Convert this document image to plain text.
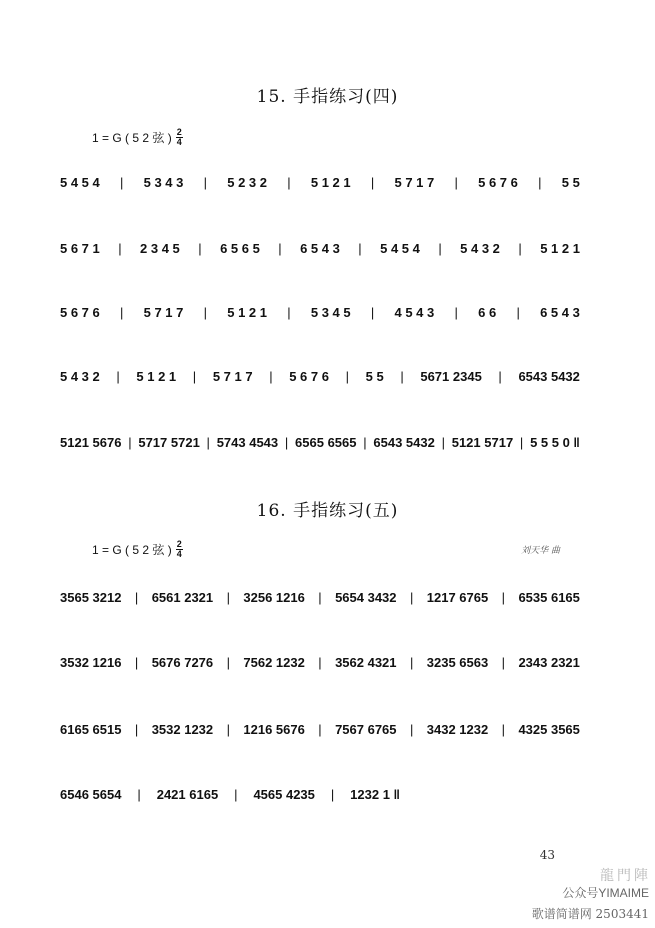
15. 手指练习(四)
1 = G ( 5 2 弦 ) $\frac{2}{4}$
5 4 5 4 | 5 3 4 3 | 5 2 3 2 | 5 1 2 1 | 5 7 1 7 | 5 6 7 6 | 5 5
5 6 7 1 | 2 3 4 5 | 6 5 6 5 | 6 5 4 3 | 5 4 5 4 | 5 4 3 2 | 5 1 2 1
5 6 7 6 | 5 7 1 7 | 5 1 2 1 | 5 3 4 5 | 4 5 4 3 | 6 6 | 6 5 4 3
5 4 3 2 | 5 1 2 1 | 5 7 1 7 | 5 6 7 6 | 5 5 | 5671 2345 | 6543 5432
5121 5676 | 5717 5721 | 5743 4543 | 6565 6565 | 6543 5432 | 5121 5717 | 5 5 5 0 ‖
16. 手指练习(五)
1 = G ( 5 2 弦 ) $\frac{2}{4}$	刘天华 曲
3565 3212 | 6561 2321 | 3256 1216 | 5654 3432 | 1217 6765 | 6535 6165
3532 1216 | 5676 7276 | 7562 1232 | 3562 4321 | 3235 6563 | 2343 2321
6165 6515 | 3532 1232 | 1216 5676 | 7567 6765 | 3432 1232 | 4325 3565
6546 5654 | 2421 6165 | 4565 4235 | 1232 1 ‖
43
龍門陣
公众号YIMAIME
歌谱简谱网 2503441
